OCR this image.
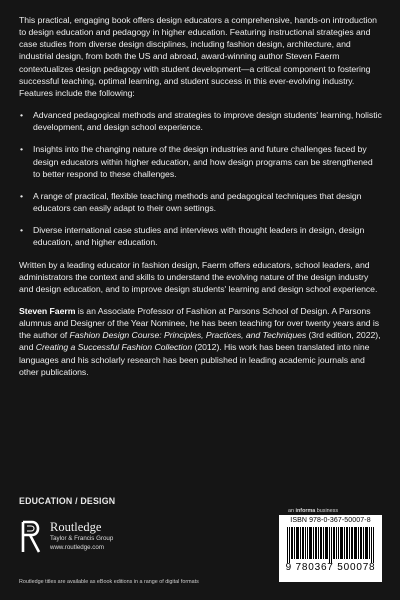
This practical, engaging book offers design educators a comprehensive, hands-on introduction to design education and pedagogy in higher education. Featuring instructional strategies and case studies from diverse design disciplines, including fashion design, architecture, and industrial design, from both the US and abroad, award-winning author Steven Faerm contextualizes design pedagogy with student development—a critical component to fostering successful teaching, optimal learning, and student success in this ever-evolving industry. Features include the following:

• Advanced pedagogical methods and strategies to improve design students' learning, holistic development, and design school experience.
• Insights into the changing nature of the design industries and future challenges faced by design educators within higher education, and how design programs can be strengthened to better respond to these challenges.
• A range of practical, flexible teaching methods and pedagogical techniques that design educators can easily adapt to their own settings.
• Diverse international case studies and interviews with thought leaders in design, design education, and higher education.

Written by a leading educator in fashion design, Faerm offers educators, school leaders, and administrators the context and skills to understand the evolving nature of the design industry and design education, and to improve design students' learning and design school experience.

Steven Faerm is an Associate Professor of Fashion at Parsons School of Design. A Parsons alumnus and Designer of the Year Nominee, he has been teaching for over twenty years and is the author of Fashion Design Course: Principles, Practices, and Techniques (3rd edition, 2022), and Creating a Successful Fashion Collection (2012). His work has been translated into nine languages and his scholarly research has been published in leading academic journals and other publications.

EDUCATION / DESIGN
Routledge
Taylor & Francis Group
www.routledge.com
an informa business
ISBN 978-0-367-50007-8
9 780367 500078
Routledge titles are available as eBook editions in a range of digital formats
